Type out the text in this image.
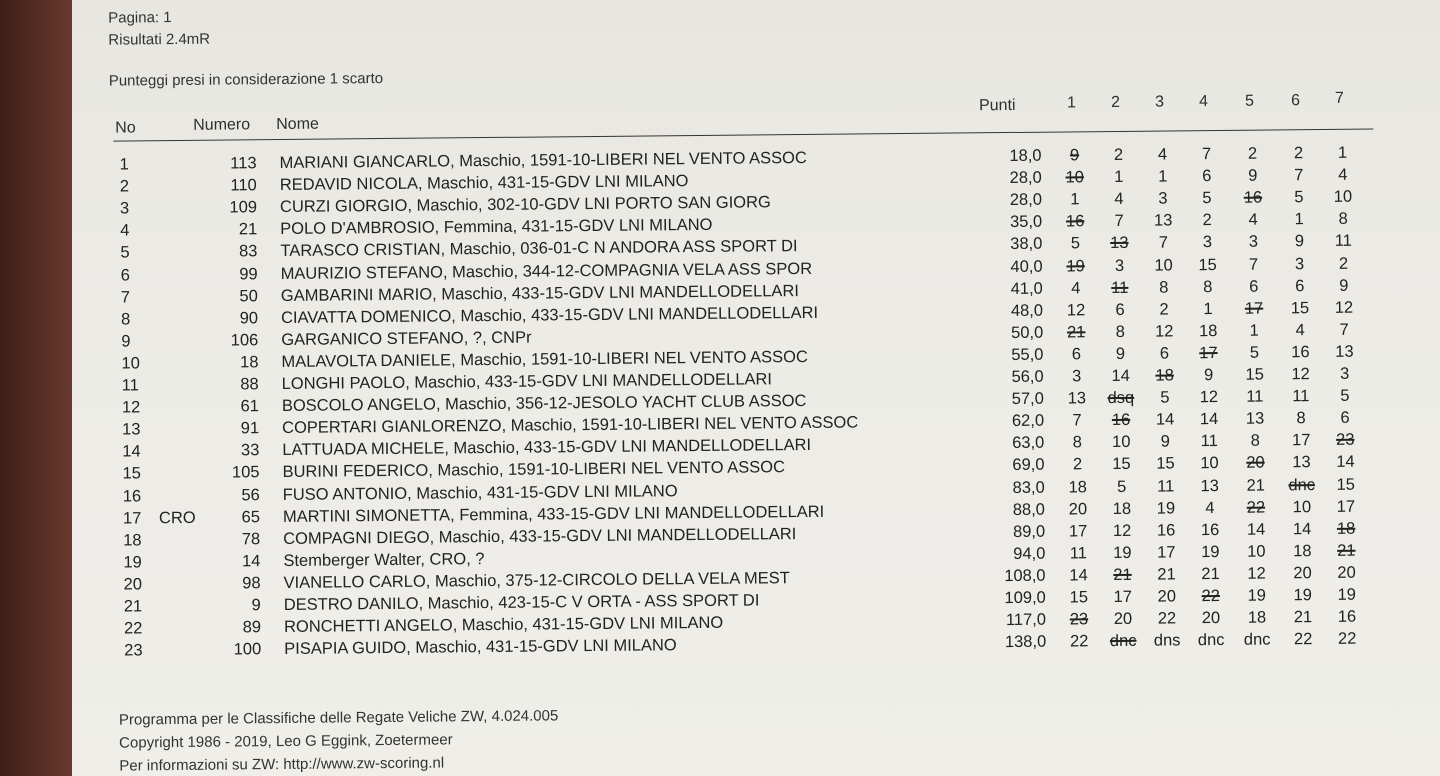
Pagina: 1
Risultati 2.4mR
Punteggi presi in considerazione 1 scarto
No	Numero Nome
Punti	1 2 3 4 5 6 7
1	113 MARIANI GIANCARLO, Maschio, 1591-10-LIBERI NEL VENTO ASSOC	18,0	9	2	4	7	2	2	1
2	110 REDAVID NICOLA, Maschio, 431-15-GDV LNI MILANO	28,0	10	1	1	6	9	7	4
3	109 CURZI GIORGIO, Maschio, 302-10-GDV LNI PORTO SAN GIORG	28,0	1	4	3	5	16	5	10
4	21 POLO D'AMBROSIO, Femmina, 431-15-GDV LNI MILANO	35,0	16	7	13	2	4	1	8
5	83 TARASCO CRISTIAN, Maschio, 036-01-C N ANDORA ASS SPORT DI	38,0	5	13	7	3	3	9	11
6	99 MAURIZIO STEFANO, Maschio, 344-12-COMPAGNIA VELA ASS SPOR	40,0	19	3	10	15	7	3	2
7	50 GAMBARINI MARIO, Maschio, 433-15-GDV LNI MANDELLODELLARI	41,0	4	11	8	8	6	6	9
8	90 CIAVATTA DOMENICO, Maschio, 433-15-GDV LNI MANDELLODELLARI	48,0	12	6	2	1	17	15	12
9	106 GARGANICO STEFANO, ?, CNPr	50,0	21	8	12	18	1	4	7
10	18 MALAVOLTA DANIELE, Maschio, 1591-10-LIBERI NEL VENTO ASSOC	55,0	6	9	6	17	5	16	13
11	88 LONGHI PAOLO, Maschio, 433-15-GDV LNI MANDELLODELLARI	56,0	3	14	18	9	15	12	3
12	61 BOSCOLO ANGELO, Maschio, 356-12-JESOLO YACHT CLUB ASSOC	57,0	13	dsq	5	12	11	11	5
13	91 COPERTARI GIANLORENZO, Maschio, 1591-10-LIBERI NEL VENTO ASSOC	62,0	7	16	14	14	13	8	6
14	33 LATTUADA MICHELE, Maschio, 433-15-GDV LNI MANDELLODELLARI	63,0	8	10	9	11	8	17	23
15	105 BURINI FEDERICO, Maschio, 1591-10-LIBERI NEL VENTO ASSOC	69,0	2	15	15	10	20	13	14
16	56 FUSO ANTONIO, Maschio, 431-15-GDV LNI MILANO	83,0	18	5	11	13	21	dnc	15
17 CRO	65 MARTINI SIMONETTA, Femmina, 433-15-GDV LNI MANDELLODELLARI	88,0	20	18	19	4	22	10	17
18	78 COMPAGNI DIEGO, Maschio, 433-15-GDV LNI MANDELLODELLARI	89,0	17	12	16	16	14	14	18
19	14 Stemberger Walter, CRO, ?	94,0	11	19	17	19	10	18	21
20	98 VIANELLO CARLO, Maschio, 375-12-CIRCOLO DELLA VELA MEST	108,0	14	21	21	21	12	20	20
21	9 DESTRO DANILO, Maschio, 423-15-C V ORTA - ASS SPORT DI	109,0	15	17	20	22	19	19	19
22	89 RONCHETTI ANGELO, Maschio, 431-15-GDV LNI MILANO	117,0	23	20	22	20	18	21	16
23	100 PISAPIA GUIDO, Maschio, 431-15-GDV LNI MILANO	138,0	22	dnc dns dnc dnc	22	22
Programma per le Classifiche delle Regate Veliche ZW, 4.024.005
Copyright 1986 - 2019, Leo G Eggink, Zoetermeer
Per informazioni su ZW: http://www.zw-scoring.nl
